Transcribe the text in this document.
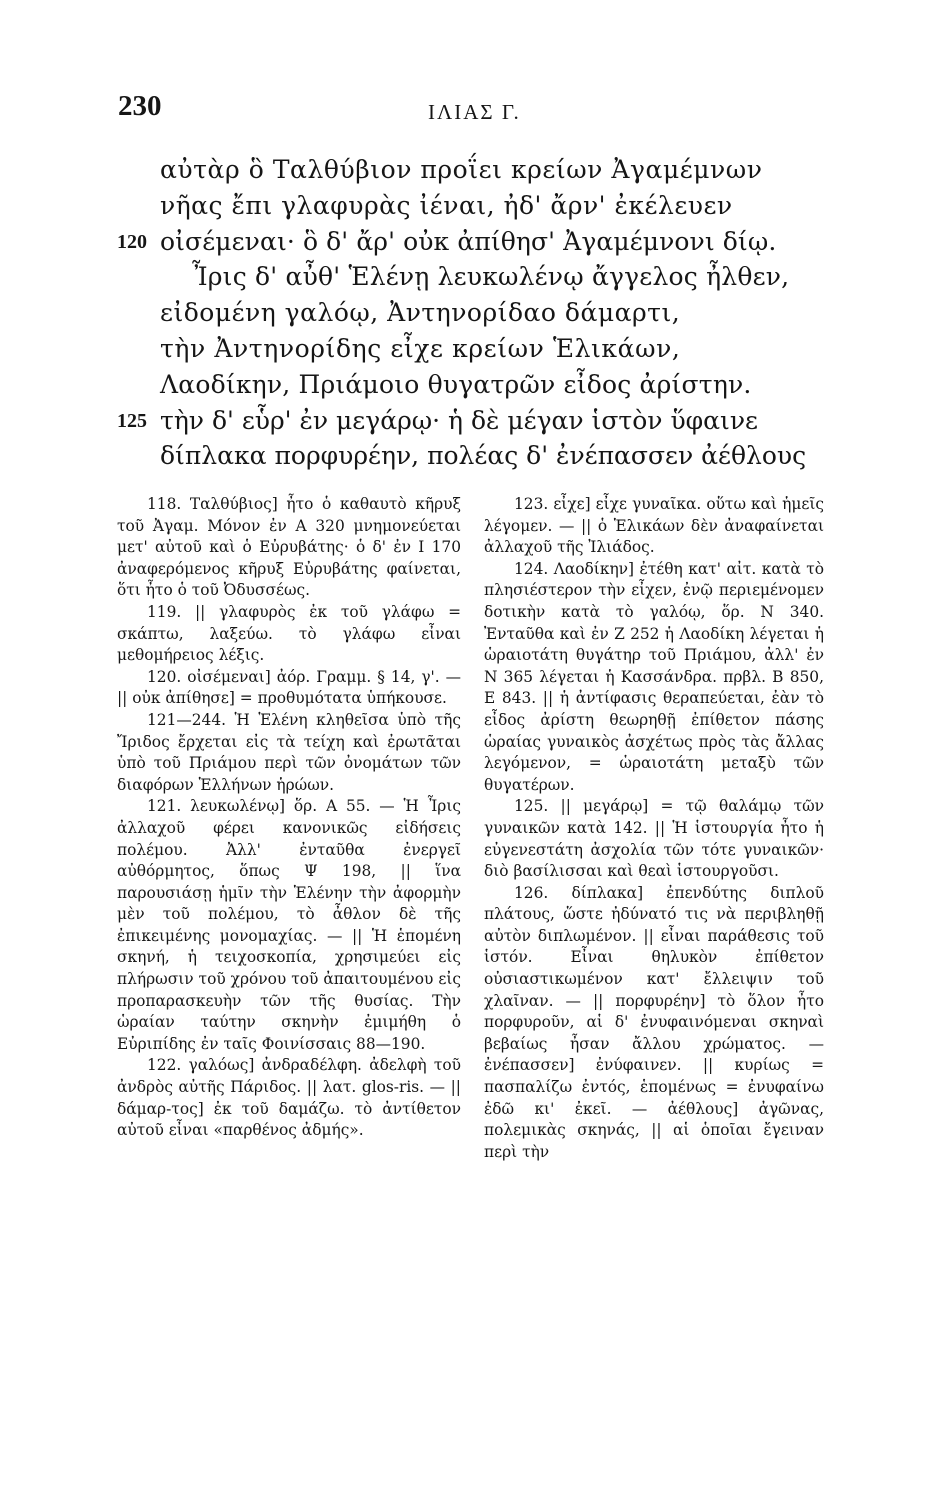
230	ΙΛΙΑΣ Γ.
αὐτὰρ ὃ Ταλθύβιον προΐει κρείων Ἀγαμέμνων
νῆας ἔπι γλαφυρὰς ἰέναι, ἠδ' ἄρν' ἐκέλευεν
120 οἰσέμεναι· ὃ δ' ἄρ' οὐκ ἀπίθησ' Ἀγαμέμνονι δίῳ.
Ἶρις δ' αὖθ' Ἑλένῃ λευκωλένῳ ἄγγελος ἦλθεν,
εἰδομένη γαλόῳ, Ἀντηνορίδαο δάμαρτι,
τὴν Ἀντηνορίδης εἶχε κρείων Ἑλικάων,
Λαοδίκην, Πριάμοιο θυγατρῶν εἶδος ἀρίστην.
125 τὴν δ' εὗρ' ἐν μεγάρῳ· ἡ δὲ μέγαν ἱστὸν ὕφαινε
δίπλακα πορφυρέην, πολέας δ' ἐνέπασσεν ἀέθλους

118. Ταλθύβιος] ἦτο ὁ καθαυτὸ κῆρυξ τοῦ Ἀγαμ. Μόνον ἐν Α 320 μνημονεύεται μετ' αὐτοῦ καὶ ὁ Εὐρυβάτης· ὁ δ' ἐν Ι 170 ἀναφερόμενος κῆρυξ Εὐρυβάτης φαίνεται, ὅτι ἦτο ὁ τοῦ Ὀδυσσέως.

119. || γλαφυρὸς ἐκ τοῦ γλάφω = σκάπτω, λαξεύω. τὸ γλάφω εἶναι μεθομήρειος λέξις.

120. οἰσέμεναι] ἀόρ. Γραμμ. § 14, γ'. — || οὐκ ἀπίθησε] = προθυμότατα ὑπήκουσε.

121—244. Ἡ Ἑλένη κληθεῖσα ὑπὸ τῆς Ἴριδος ἔρχεται εἰς τὰ τείχη καὶ ἐρωτᾶται ὑπὸ τοῦ Πριάμου περὶ τῶν ὀνομάτων τῶν διαφόρων Ἑλλήνων ἡρώων.

121. λευκωλένῳ] ὅρ. Α 55. — Ἡ Ἶρις ἀλλαχοῦ φέρει κανονικῶς εἰδήσεις πολέμου. Ἀλλ' ἐνταῦθα ἐνεργεῖ αὐθόρμητος, ὅπως Ψ 198, || ἵνα παρουσιάσῃ ἡμῖν τὴν Ἑλένην τὴν ἀφορμὴν μὲν τοῦ πολέμου, τὸ ἆθλον δὲ τῆς ἐπικειμένης μονομαχίας. — || Ἡ ἑπομένη σκηνή, ἡ τειχοσκοπία, χρησιμεύει εἰς πλήρωσιν τοῦ χρόνου τοῦ ἀπαιτουμένου εἰς προπαρασκευὴν τῶν τῆς θυσίας. Τὴν ὡραίαν ταύτην σκηνὴν ἐμιμήθη ὁ Εὐριπίδης ἐν ταῖς Φοινίσσαις 88—190.

122. γαλόως] ἀνδραδέλφη. ἀδελφὴ τοῦ ἀνδρὸς αὐτῆς Πάριδος. || λατ. glos-ris. — || δάμαρ-τος] ἐκ τοῦ δαμάζω. τὸ ἀντίθετον αὐτοῦ εἶναι «παρθένος ἀδμής».

123. εἶχε] εἶχε γυναῖκα. οὕτω καὶ ἡμεῖς λέγομεν. — || ὁ Ἑλικάων δὲν ἀναφαίνεται ἀλλαχοῦ τῆς Ἰλιάδος.

124. Λαοδίκην] ἐτέθη κατ' αἰτ. κατὰ τὸ πλησιέστερον τὴν εἶχεν, ἐνῷ περιεμένομεν δοτικὴν κατὰ τὸ γαλόῳ, ὅρ. Ν 340. Ἐνταῦθα καὶ ἐν Ζ 252 ἡ Λαοδίκη λέγεται ἡ ὡραιοτάτη θυγάτηρ τοῦ Πριάμου, ἀλλ' ἐν Ν 365 λέγεται ἡ Κασσάνδρα. πρβλ. Β 850, Ε 843. || ἡ ἀντίφασις θεραπεύεται, ἐὰν τὸ εἶδος ἀρίστη θεωρηθῇ ἐπίθετον πάσης ὡραίας γυναικὸς ἀσχέτως πρὸς τὰς ἄλλας λεγόμενον, = ὡραιοτάτη μεταξὺ τῶν θυγατέρων.

125. || μεγάρῳ] = τῷ θαλάμῳ τῶν γυναικῶν κατὰ 142. || Ἡ ἱστουργία ἦτο ἡ εὐγενεστάτη ἀσχολία τῶν τότε γυναικῶν· διὸ βασίλισσαι καὶ θεαὶ ἱστουργοῦσι.

126. δίπλακα] ἐπενδύτης διπλοῦ πλάτους, ὥστε ἠδύνατό τις νὰ περιβληθῇ αὐτὸν διπλωμένον. || εἶναι παράθεσις τοῦ ἱστόν. Εἶναι θηλυκὸν ἐπίθετον οὐσιαστικωμένον κατ' ἔλλειψιν τοῦ χλαῖναν. — || πορφυρέην] τὸ ὅλον ἦτο πορφυροῦν, αἱ δ' ἐνυφαινόμεναι σκηναὶ βεβαίως ἦσαν ἄλλου χρώματος. — ἐνέπασσεν] ἐνύφαινεν. || κυρίως = πασπαλίζω ἐντός, ἑπομένως = ἐνυφαίνω ἐδῶ κι' ἐκεῖ. — ἀέθλους] ἀγῶνας, πολεμικὰς σκηνάς, || αἱ ὁποῖαι ἔγειναν περὶ τὴν
